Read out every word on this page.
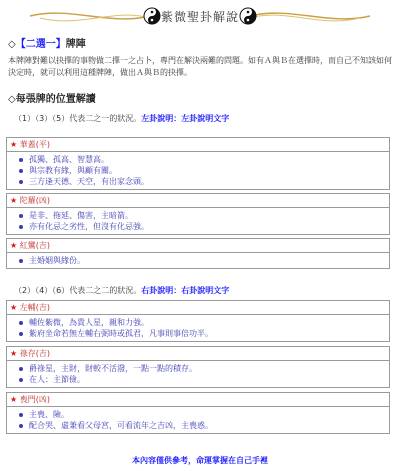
紫微聖卦解說
◇【二選一】牌陣
本牌陣對難以抉擇的事物做二擇一之占卜，專門在解決兩難的問題。如有Ａ與Ｂ在選擇時，而自己不知該如何決定時，就可以利用這種牌陣，做出Ａ與Ｂ的抉擇。
◇每張牌的位置解讀
（1）（3）（5）代表二之一的狀況。左卦說明：左卦說明文字
★ 華蓋(平)
孤獨、孤高、智慧高。
與宗教有緣，與顧有關。
三方逢天德、天空，有出家念頭。
★ 陀羅(凶)
是非、拖延、傷害，主暗箭。
亦有化忌之劣性，但沒有化忌強。
★ 紅鸞(吉)
主婚姻與緣份。
（2）（4）（6）代表二之二的狀況。右卦說明：右卦說明文字
★ 左輔(吉)
輔佐紫微，為貴人星，親和力強。
紫府坐命若無左輔右弼時或孤君，凡事則事倍功半。
★ 祿存(吉)
爵祿星，主財，財較不活潑，一點一點的積存。
在人：主節儉。
★ 喪門(凶)
主喪、險。
配合哭、虛兼看父母宮，可看流年之吉凶，主喪惑。
本內容僅供參考，命運掌握在自己手裡
